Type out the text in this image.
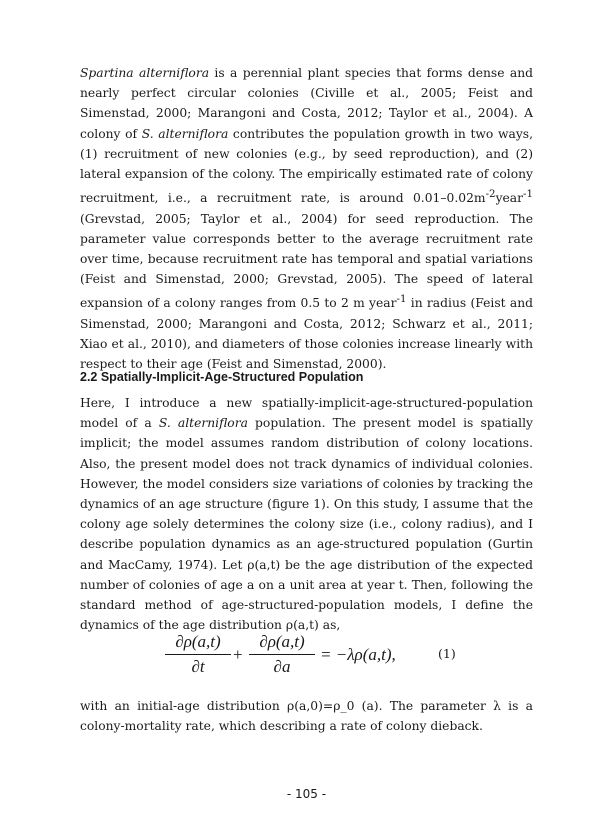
Spartina alterniflora is a perennial plant species that forms dense and nearly perfect circular colonies (Civille et al., 2005; Feist and Simenstad, 2000; Marangoni and Costa, 2012; Taylor et al., 2004). A colony of S. alterniflora contributes the population growth in two ways, (1) recruitment of new colonies (e.g., by seed reproduction), and (2) lateral expansion of the colony. The empirically estimated rate of colony recruitment, i.e., a recruitment rate, is around $0.01-0.02m^{-2}year^{-1}$ (Grevstad, 2005; Taylor et al., 2004) for seed reproduction. The parameter value corresponds better to the average recruitment rate over time, because recruitment rate has temporal and spatial variations (Feist and Simenstad, 2000; Grevstad, 2005). The speed of lateral expansion of a colony ranges from 0.5 to 2 m year$^{-1}$ in radius (Feist and Simenstad, 2000; Marangoni and Costa, 2012; Schwarz et al., 2011; Xiao et al., 2010), and diameters of those colonies increase linearly with respect to their age (Feist and Simenstad, 2000).

2.2 Spatially-Implicit-Age-Structured Population

Here, I introduce a new spatially-implicit-age-structured-population model of a S. alterniflora population. The present model is spatially implicit; the model assumes random distribution of colony locations. Also, the present model does not track dynamics of individual colonies. However, the model considers size variations of colonies by tracking the dynamics of an age structure (figure 1). On this study, I assume that the colony age solely determines the colony size (i.e., colony radius), and I describe population dynamics as an age-structured population (Gurtin and MacCamy, 1974). Let ρ(a,t) be the age distribution of the expected number of colonies of age a on a unit area at year t. Then, following the standard method of age-structured-population models, I define the dynamics of the age distribution ρ(a,t) as,

$\frac{\partial\rho(a,t)}{\partial t} + \frac{\partial\rho(a,t)}{\partial a} = -\lambda\rho(a,t)$,	(1)

with an initial-age distribution ρ(a,0)=ρ_0 (a). The parameter λ is a colony-mortality rate, which describing a rate of colony dieback.

- 105 -
